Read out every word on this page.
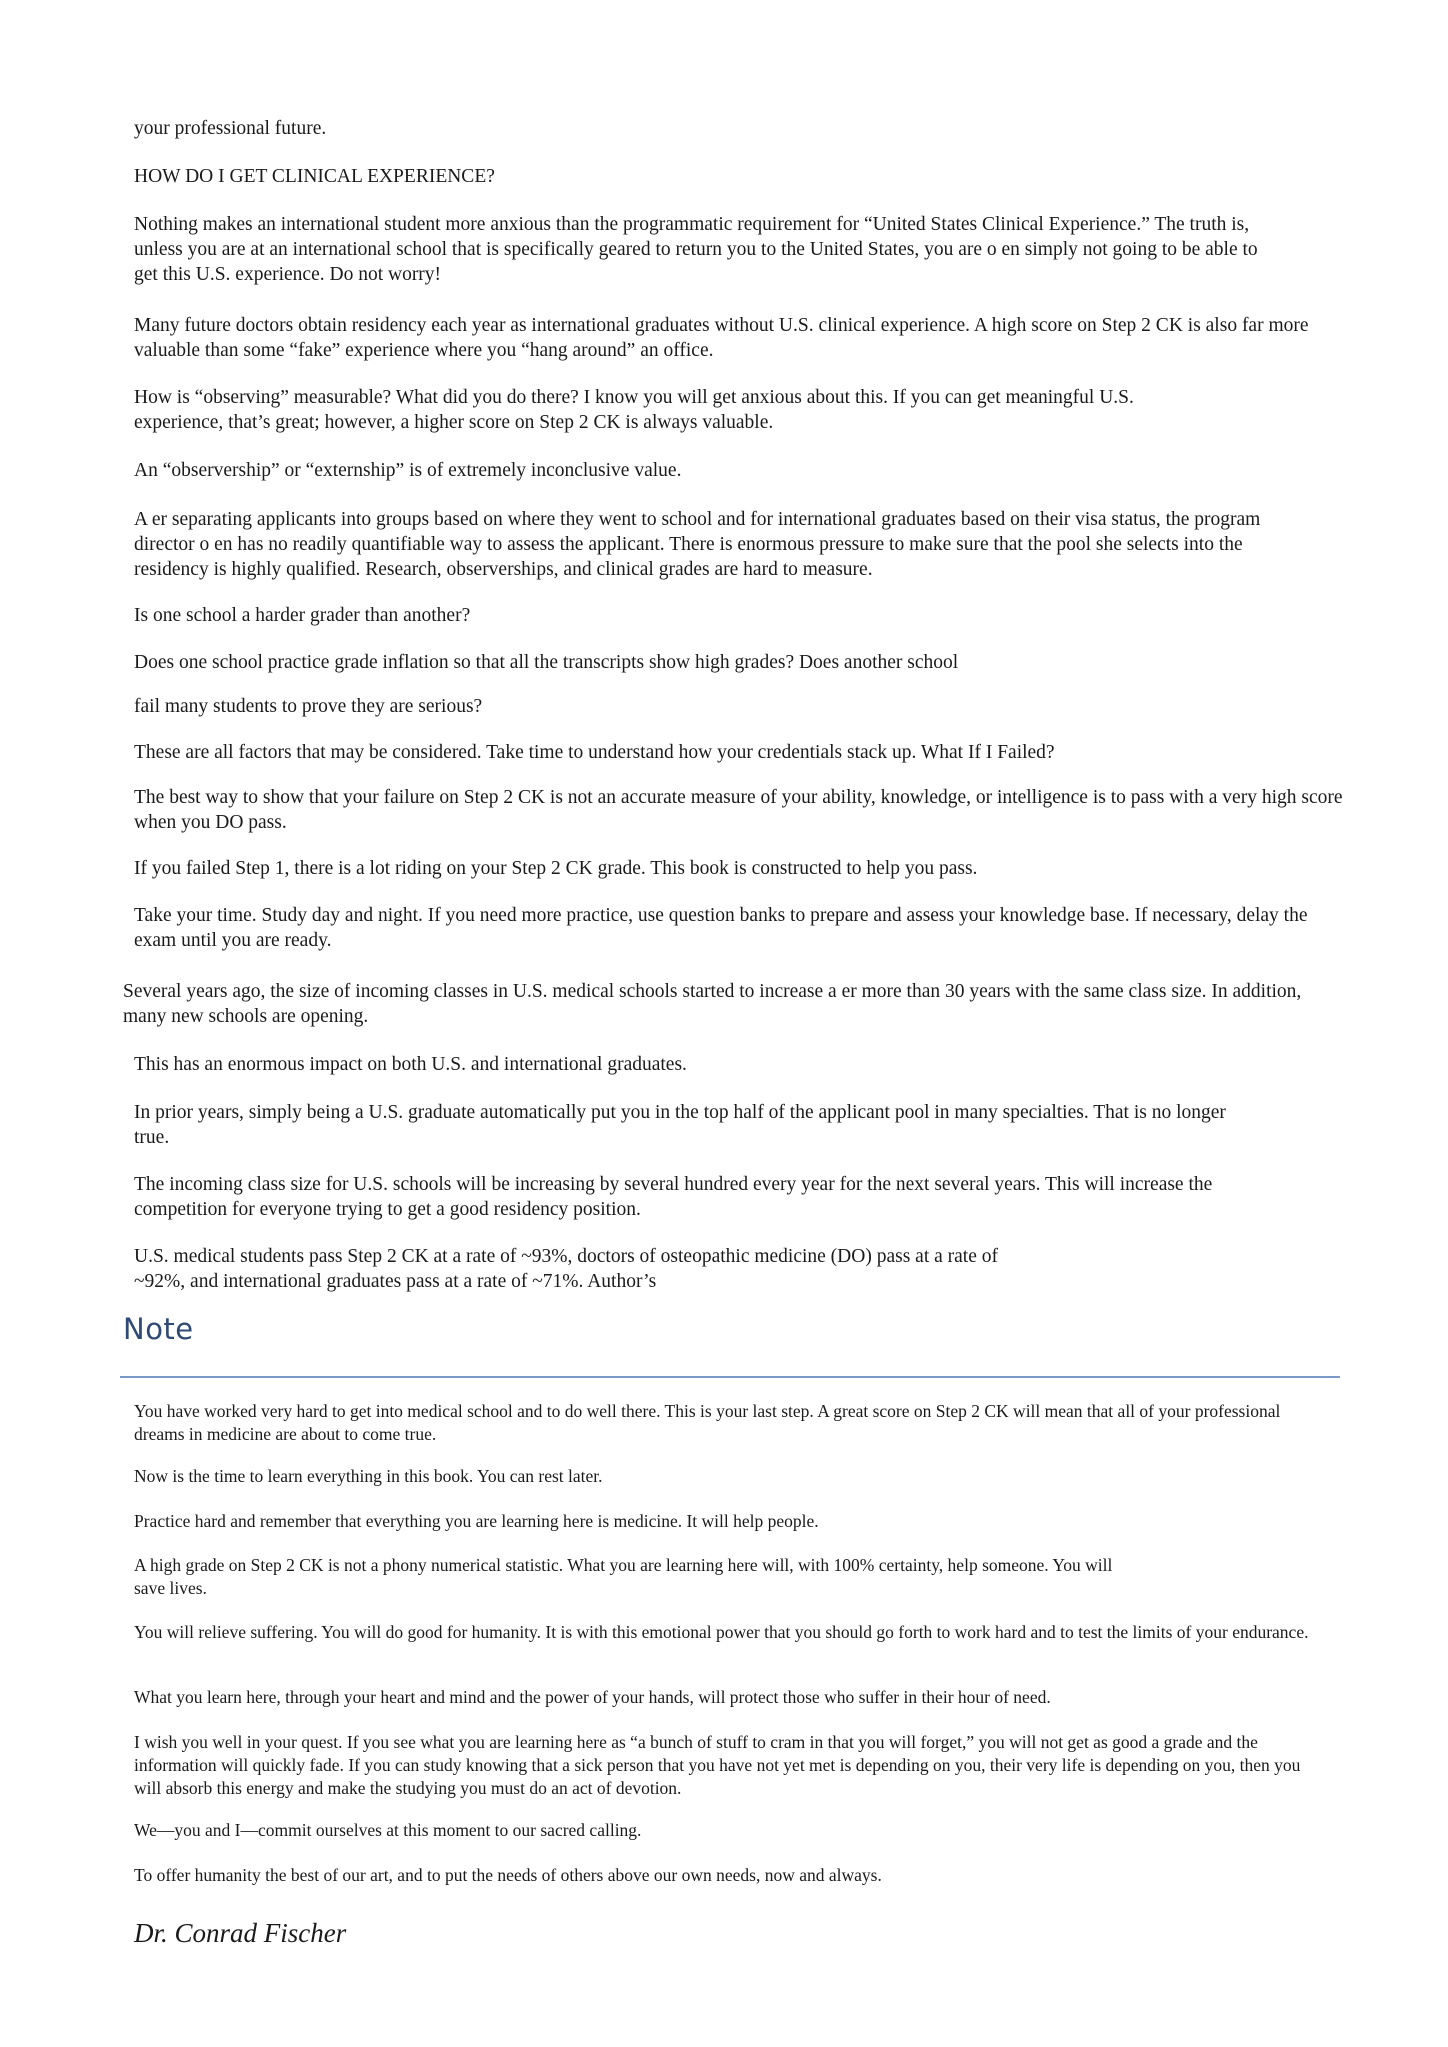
your professional future.

HOW DO I GET CLINICAL EXPERIENCE?

Nothing makes an international student more anxious than the programmatic requirement for “United States Clinical Experience.” The truth is, unless you are at an international school that is specifically geared to return you to the United States, you are o en simply not going to be able to get this U.S. experience. Do not worry!

Many future doctors obtain residency each year as international graduates without U.S. clinical experience. A high score on Step 2 CK is also far more valuable than some “fake” experience where you “hang around” an office.

How is “observing” measurable? What did you do there? I know you will get anxious about this. If you can get meaningful U.S. experience, that’s great; however, a higher score on Step 2 CK is always valuable.

An “observership” or “externship” is of extremely inconclusive value.

A er separating applicants into groups based on where they went to school and for international graduates based on their visa status, the program director o en has no readily quantifiable way to assess the applicant. There is enormous pressure to make sure that the pool she selects into the residency is highly qualified. Research, observerships, and clinical grades are hard to measure.

Is one school a harder grader than another?

Does one school practice grade inflation so that all the transcripts show high grades? Does another school

fail many students to prove they are serious?

These are all factors that may be considered. Take time to understand how your credentials stack up. What If I Failed?

The best way to show that your failure on Step 2 CK is not an accurate measure of your ability, knowledge, or intelligence is to pass with a very high score when you DO pass.

If you failed Step 1, there is a lot riding on your Step 2 CK grade. This book is constructed to help you pass.

Take your time. Study day and night. If you need more practice, use question banks to prepare and assess your knowledge base. If necessary, delay the exam until you are ready.

Several years ago, the size of incoming classes in U.S. medical schools started to increase a er more than 30 years with the same class size. In addition, many new schools are opening.

This has an enormous impact on both U.S. and international graduates.

In prior years, simply being a U.S. graduate automatically put you in the top half of the applicant pool in many specialties. That is no longer true.

The incoming class size for U.S. schools will be increasing by several hundred every year for the next several years. This will increase the competition for everyone trying to get a good residency position.

U.S. medical students pass Step 2 CK at a rate of ~93%, doctors of osteopathic medicine (DO) pass at a rate of

~92%, and international graduates pass at a rate of ~71%. Author’s

Note

You have worked very hard to get into medical school and to do well there. This is your last step. A great score on Step 2 CK will mean that all of your professional dreams in medicine are about to come true.

Now is the time to learn everything in this book. You can rest later.

Practice hard and remember that everything you are learning here is medicine. It will help people.

A high grade on Step 2 CK is not a phony numerical statistic. What you are learning here will, with 100% certainty, help someone. You will

save lives.

You will relieve suffering. You will do good for humanity. It is with this emotional power that you should go forth to work hard and to test the limits of your endurance.

What you learn here, through your heart and mind and the power of your hands, will protect those who suffer in their hour of need.

I wish you well in your quest. If you see what you are learning here as “a bunch of stuff to cram in that you will forget,” you will not get as good a grade and the information will quickly fade. If you can study knowing that a sick person that you have not yet met is depending on you, their very life is depending on you, then you will absorb this energy and make the studying you must do an act of devotion.

We—you and I—commit ourselves at this moment to our sacred calling.

To offer humanity the best of our art, and to put the needs of others above our own needs, now and always.

Dr. Conrad Fischer
